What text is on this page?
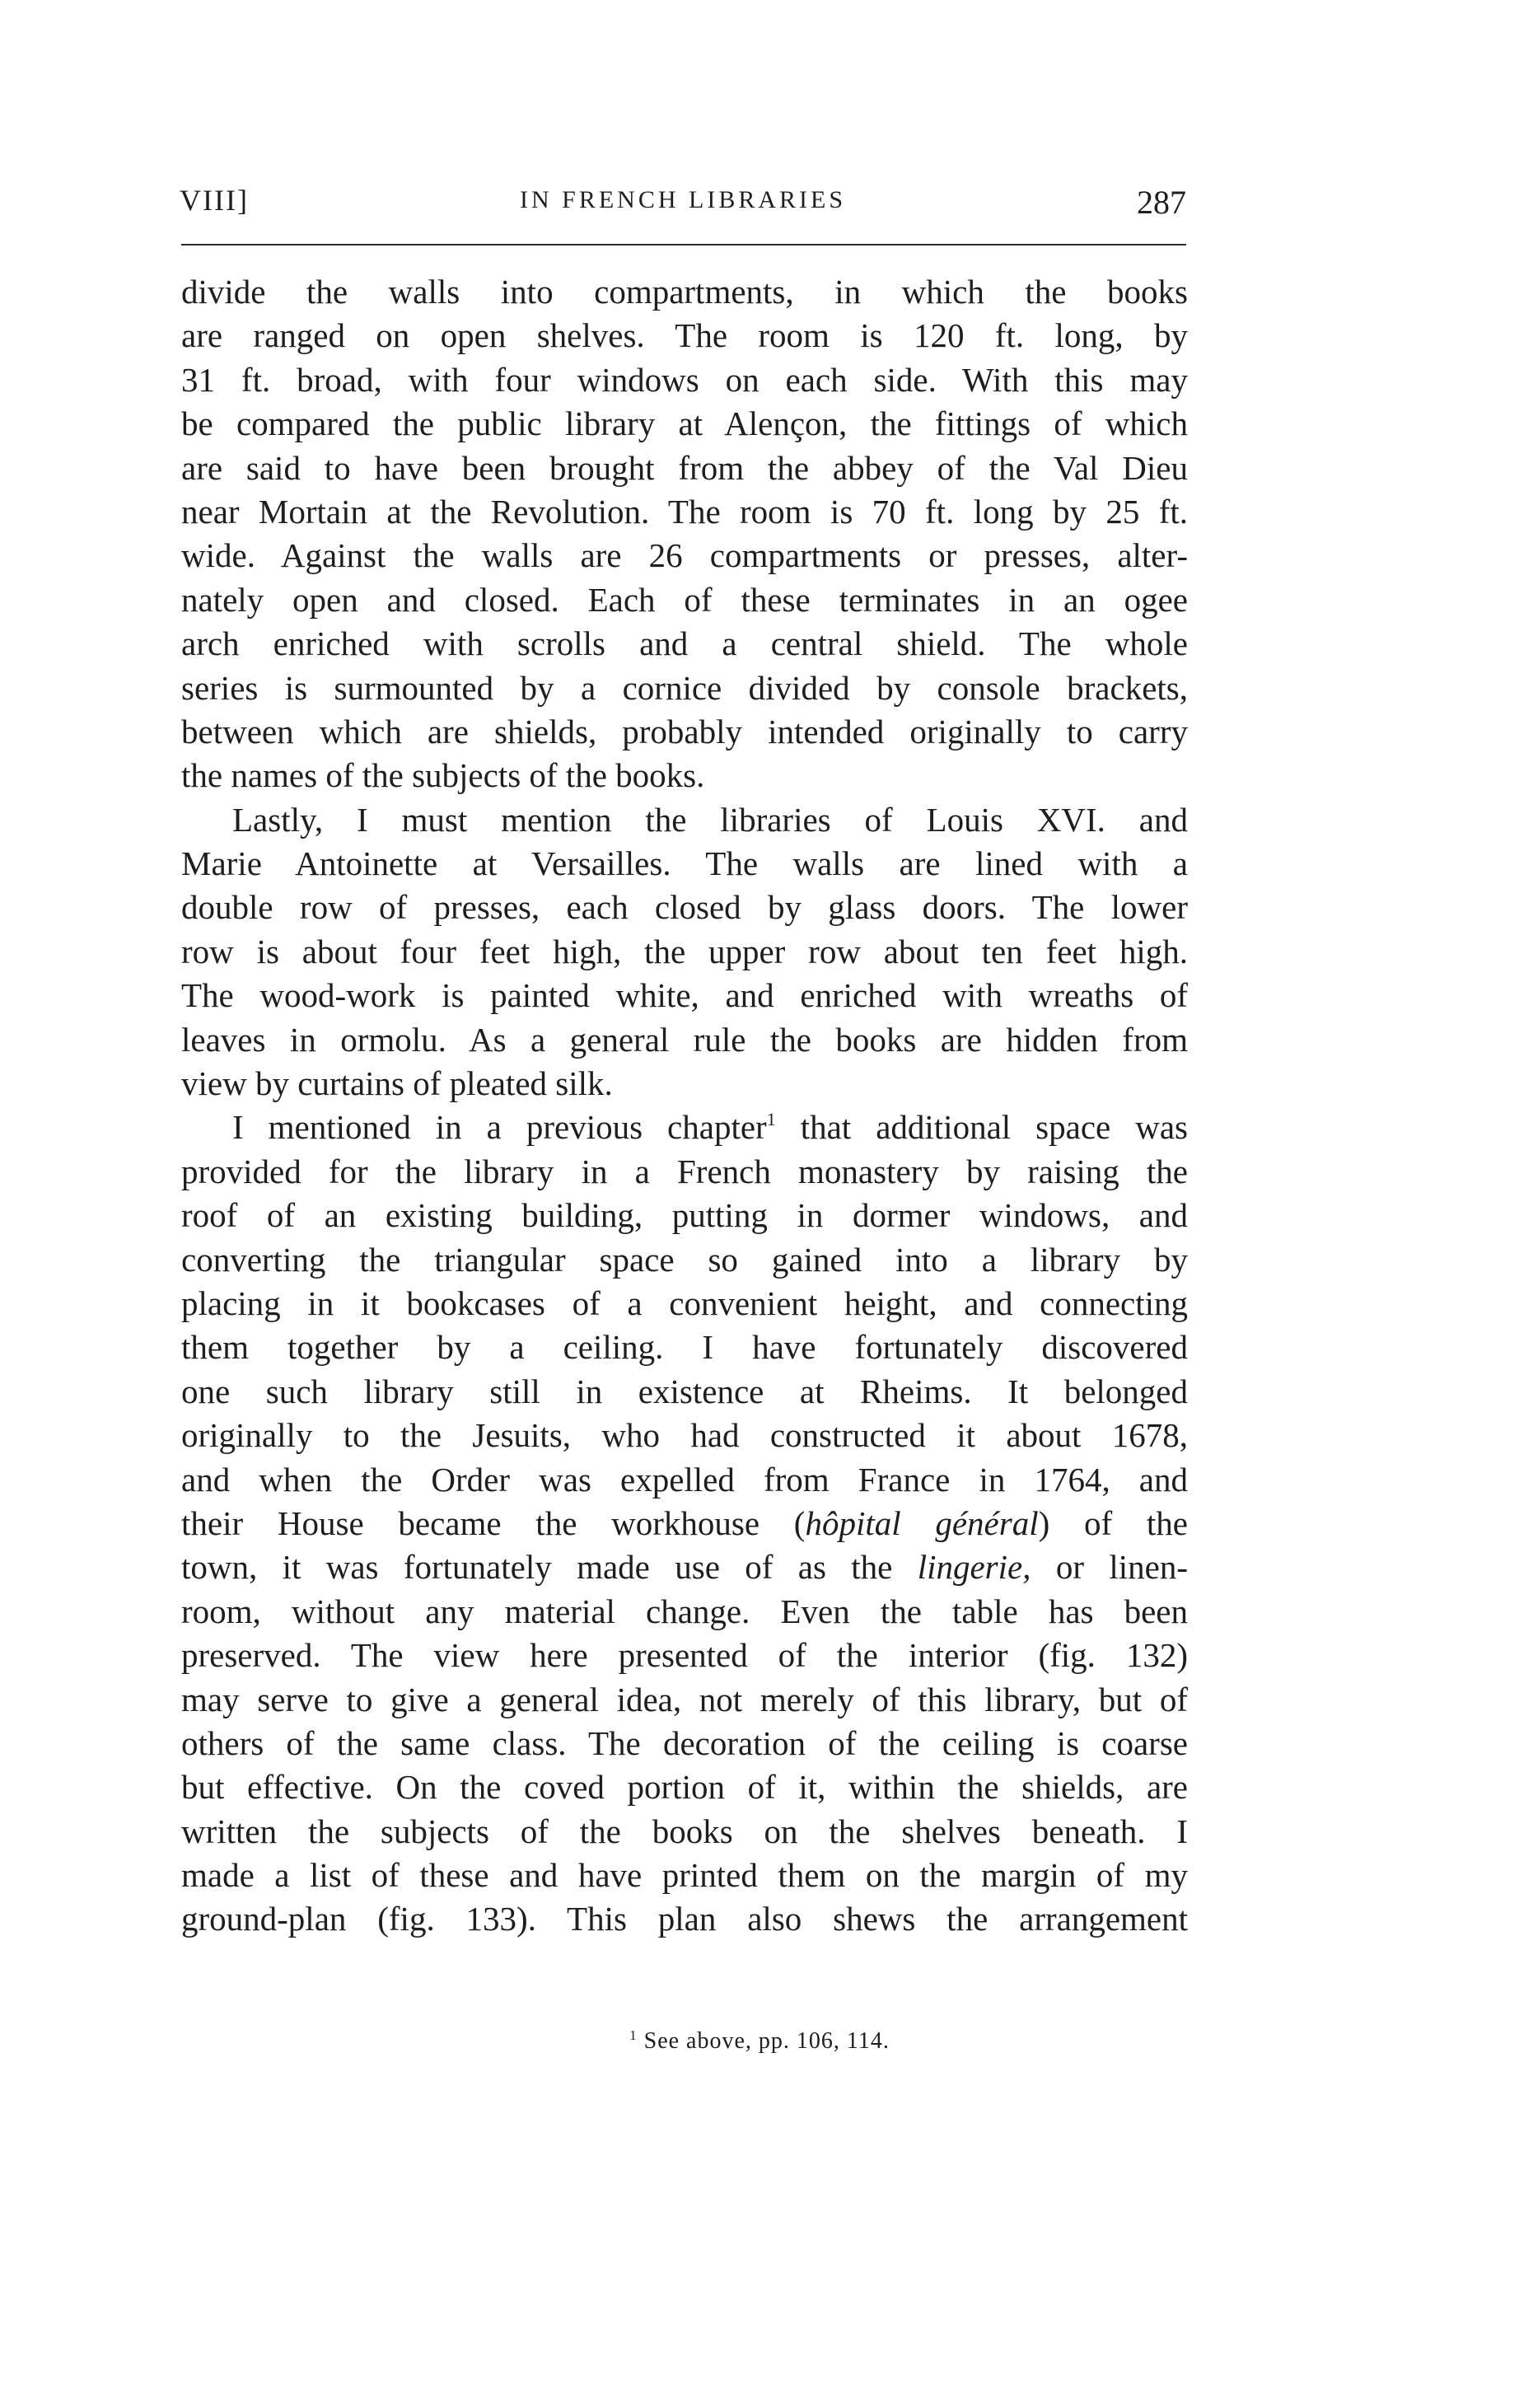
VIII]	IN FRENCH LIBRARIES	287
divide the walls into compartments, in which the books
are ranged on open shelves. The room is 120 ft. long, by
31 ft. broad, with four windows on each side. With this may
be compared the public library at Alençon, the fittings of which
are said to have been brought from the abbey of the Val Dieu
near Mortain at the Revolution. The room is 70 ft. long by 25 ft.
wide. Against the walls are 26 compartments or presses, alter-
nately open and closed. Each of these terminates in an ogee
arch enriched with scrolls and a central shield. The whole
series is surmounted by a cornice divided by console brackets,
between which are shields, probably intended originally to carry
the names of the subjects of the books.
Lastly, I must mention the libraries of Louis XVI. and
Marie Antoinette at Versailles. The walls are lined with a
double row of presses, each closed by glass doors. The lower
row is about four feet high, the upper row about ten feet high.
The wood-work is painted white, and enriched with wreaths of
leaves in ormolu. As a general rule the books are hidden from
view by curtains of pleated silk.
I mentioned in a previous chapter$^1$ that additional space was
provided for the library in a French monastery by raising the
roof of an existing building, putting in dormer windows, and
converting the triangular space so gained into a library by
placing in it bookcases of a convenient height, and connecting
them together by a ceiling. I have fortunately discovered
one such library still in existence at Rheims. It belonged
originally to the Jesuits, who had constructed it about 1678,
and when the Order was expelled from France in 1764, and
their House became the workhouse (hôpital général) of the
town, it was fortunately made use of as the lingerie, or linen-
room, without any material change. Even the table has been
preserved. The view here presented of the interior (fig. 132)
may serve to give a general idea, not merely of this library, but of
others of the same class. The decoration of the ceiling is coarse
but effective. On the coved portion of it, within the shields, are
written the subjects of the books on the shelves beneath. I
made a list of these and have printed them on the margin of my
ground-plan (fig. 133). This plan also shews the arrangement
$^1$ See above, pp. 106, 114.
